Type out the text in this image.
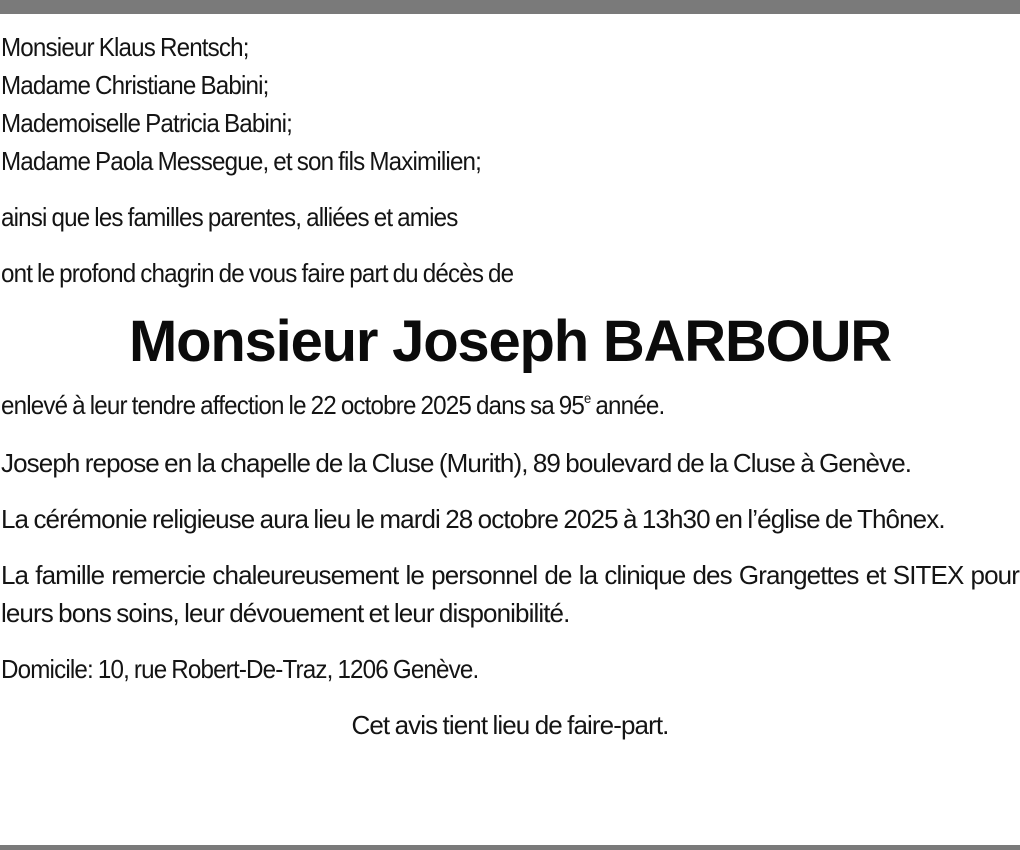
Monsieur Klaus Rentsch;
Madame Christiane Babini;
Mademoiselle Patricia Babini;
Madame Paola Messegue, et son fils Maximilien;
ainsi que les familles parentes, alliées et amies
ont le profond chagrin de vous faire part du décès de
Monsieur Joseph BARBOUR
enlevé à leur tendre affection le 22 octobre 2025 dans sa 95e année.
Joseph repose en la chapelle de la Cluse (Murith), 89 boulevard de la Cluse à Genève.
La cérémonie religieuse aura lieu le mardi 28 octobre 2025 à 13h30 en l’église de Thônex.
La famille remercie chaleureusement le personnel de la clinique des Grangettes et SITEX pour leurs bons soins, leur dévouement et leur disponibilité.
Domicile: 10, rue Robert-De-Traz, 1206 Genève.
Cet avis tient lieu de faire-part.
